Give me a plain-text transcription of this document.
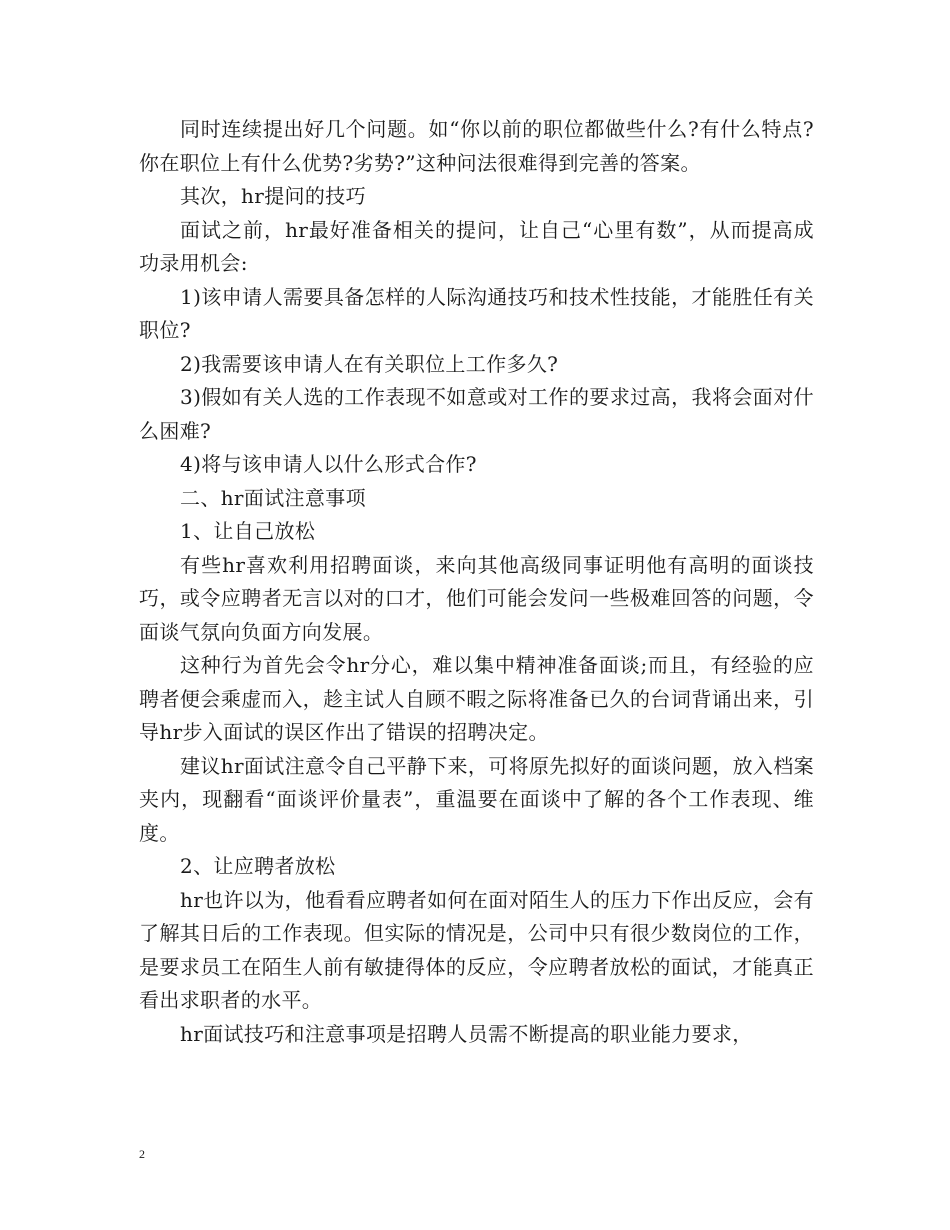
同时连续提出好几个问题。如“你以前的职位都做些什么?有什么特点?你在职位上有什么优势?劣势?”这种问法很难得到完善的答案。

其次，hr提问的技巧

面试之前，hr最好准备相关的提问，让自己“心里有数”，从而提高成功录用机会:

1)该申请人需要具备怎样的人际沟通技巧和技术性技能，才能胜任有关职位?

2)我需要该申请人在有关职位上工作多久?

3)假如有关人选的工作表现不如意或对工作的要求过高，我将会面对什么困难?

4)将与该申请人以什么形式合作?

二、hr面试注意事项

1、让自己放松

有些hr喜欢利用招聘面谈，来向其他高级同事证明他有高明的面谈技巧，或令应聘者无言以对的口才，他们可能会发问一些极难回答的问题，令面谈气氛向负面方向发展。

这种行为首先会令hr分心，难以集中精神准备面谈;而且，有经验的应聘者便会乘虚而入，趁主试人自顾不暇之际将准备已久的台词背诵出来，引导hr步入面试的误区作出了错误的招聘决定。

建议hr面试注意令自己平静下来，可将原先拟好的面谈问题，放入档案夹内，现翻看“面谈评价量表”，重温要在面谈中了解的各个工作表现、维度。

2、让应聘者放松

hr也许以为，他看看应聘者如何在面对陌生人的压力下作出反应，会有了解其日后的工作表现。但实际的情况是，公司中只有很少数岗位的工作，是要求员工在陌生人前有敏捷得体的反应，令应聘者放松的面试，才能真正看出求职者的水平。

hr面试技巧和注意事项是招聘人员需不断提高的职业能力要求，

2
